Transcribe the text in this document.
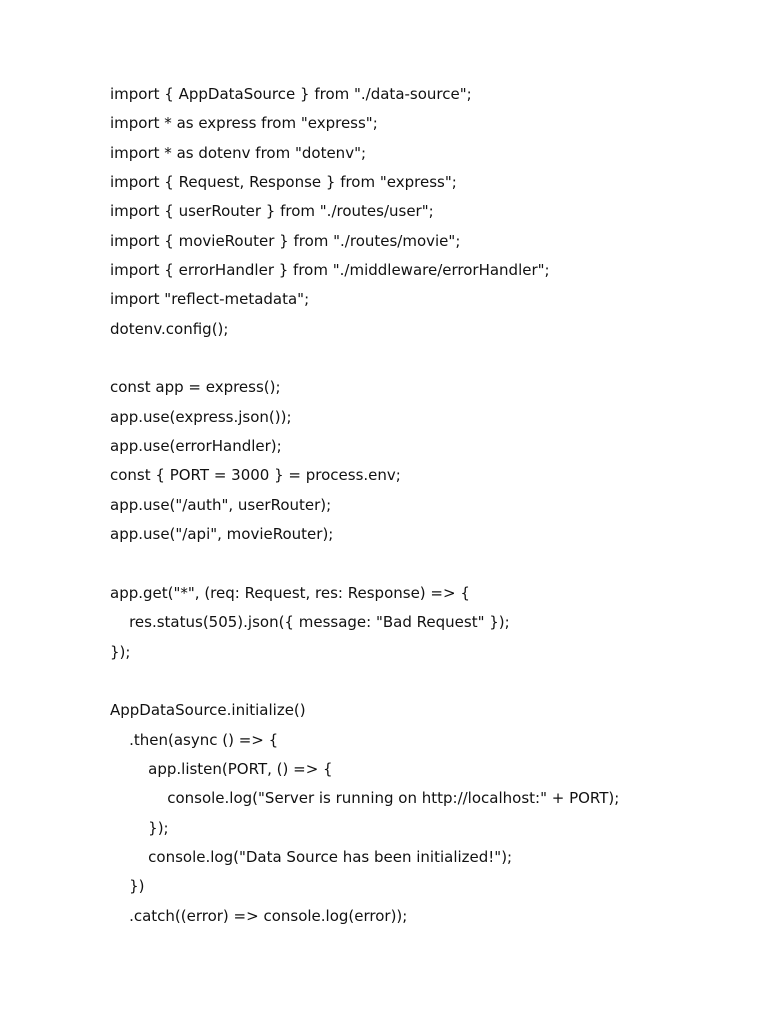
import { AppDataSource } from "./data-source";
import * as express from "express";
import * as dotenv from "dotenv";
import { Request, Response } from "express";
import { userRouter } from "./routes/user";
import { movieRouter } from "./routes/movie";
import { errorHandler } from "./middleware/errorHandler";
import "reflect-metadata";
dotenv.config();
const app = express();
app.use(express.json());
app.use(errorHandler);
const { PORT = 3000 } = process.env;
app.use("/auth", userRouter);
app.use("/api", movieRouter);
app.get("*", (req: Request, res: Response) => {
res.status(505).json({ message: "Bad Request" });
});
AppDataSource.initialize()
.then(async () => {
app.listen(PORT, () => {
console.log("Server is running on http://localhost:" + PORT);
});
console.log("Data Source has been initialized!");
})
.catch((error) => console.log(error));
